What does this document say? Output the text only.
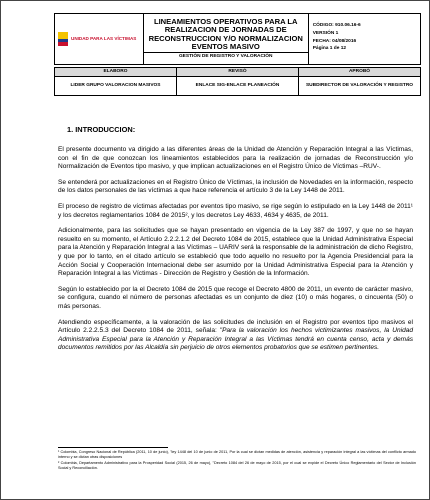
UNIDAD PARA LAS VÍCTIMAS

LINEAMIENTOS OPERATIVOS PARA LA REALIZACION DE JORNADAS DE RECONSTRUCCION Y/O NORMALIZACION EVENTOS MASIVO
GESTIÓN DE REGISTRO Y VALORACIÓN

CÓDIGO: 910.06.16-6
VERSIÓN 1
FECHA: 04/08/2016
Página 1 de 12
ELABORO	REVISÓ	APROBÓ
LIDER GRUPO VALORACION MASIVOS	ENLACE SIG-ENLACE PLANEACIÓN	SUBDIRECTOR DE VALORACIÓN Y REGISTRO
1. INTRODUCCION:

El presente documento va dirigido a las diferentes áreas de la Unidad de Atención y Reparación Integral a las Víctimas, con el fin de que conozcan los lineamientos establecidos para la realización de jornadas de Reconstrucción y/o Normalización de Eventos tipo masivo, y que implican actualizaciones en el Registro Único de Víctimas –RUV-.

Se entenderá por actualizaciones en el Registro Único de Víctimas, la inclusión de Novedades en la información, respecto de los datos personales de las víctimas a que hace referencia el artículo 3 de la Ley 1448 de 2011.

El proceso de registro de víctimas afectadas por eventos tipo masivo, se rige según lo estipulado en la Ley 1448 de 2011¹ y los decretos reglamentarios 1084 de 2015², y los decretos Ley 4633, 4634 y 4635, de 2011.

Adicionalmente, para las solicitudes que se hayan presentado en vigencia de la Ley 387 de 1997, y que no se hayan resuelto en su momento, el Artículo 2.2.2.1.2 del Decreto 1084 de 2015, establece que la Unidad Administrativa Especial para la Atención y Reparación Integral a las Víctimas – UARIV será la responsable de la administración de dicho Registro, y que por lo tanto, en el citado artículo se estableció que todo aquello no resuelto por la Agencia Presidencial para la Acción Social y Cooperación Internacional debe ser asumido por la Unidad Administrativa Especial para la Atención y Reparación Integral a las Víctimas - Dirección de Registro y Gestión de la Información.

Según lo establecido por la el Decreto 1084 de 2015 que recoge el Decreto 4800 de 2011, un evento de carácter masivo, se configura, cuando el número de personas afectadas es un conjunto de diez (10) o más hogares, o cincuenta (50) o más personas.

Atendiendo específicamente, a la valoración de las solicitudes de inclusión en el Registro por eventos tipo masivos el Artículo 2.2.2.5.3 del Decreto 1084 de 2011, señala: "Para la valoración los hechos victimizantes masivos, la Unidad Administrativa Especial para la Atención y Reparación Integral a las Víctimas tendrá en cuenta censo, acta y demás documentos remitidos por las Alcaldía sin perjuicio de otros elementos probatorios que se estimen pertinentes.

¹ Colombia, Congreso Nacional de República (2011, 10 de junio), "ley 1448 del 10 de junio de 2011, Por la cual se dictan medidas de atención, asistencia y reparación integral a las víctimas del conflicto armado interno y se dictan otras disposiciones

² Colombia, Departamento Administrativo para la Prosperidad Social (2015, 26 de mayo), "Decreto 1084 del 26 de mayo de 2015, por el cual se expide el Decreto Único Reglamentario del Sector de Inclusión Social y Reconciliación.
